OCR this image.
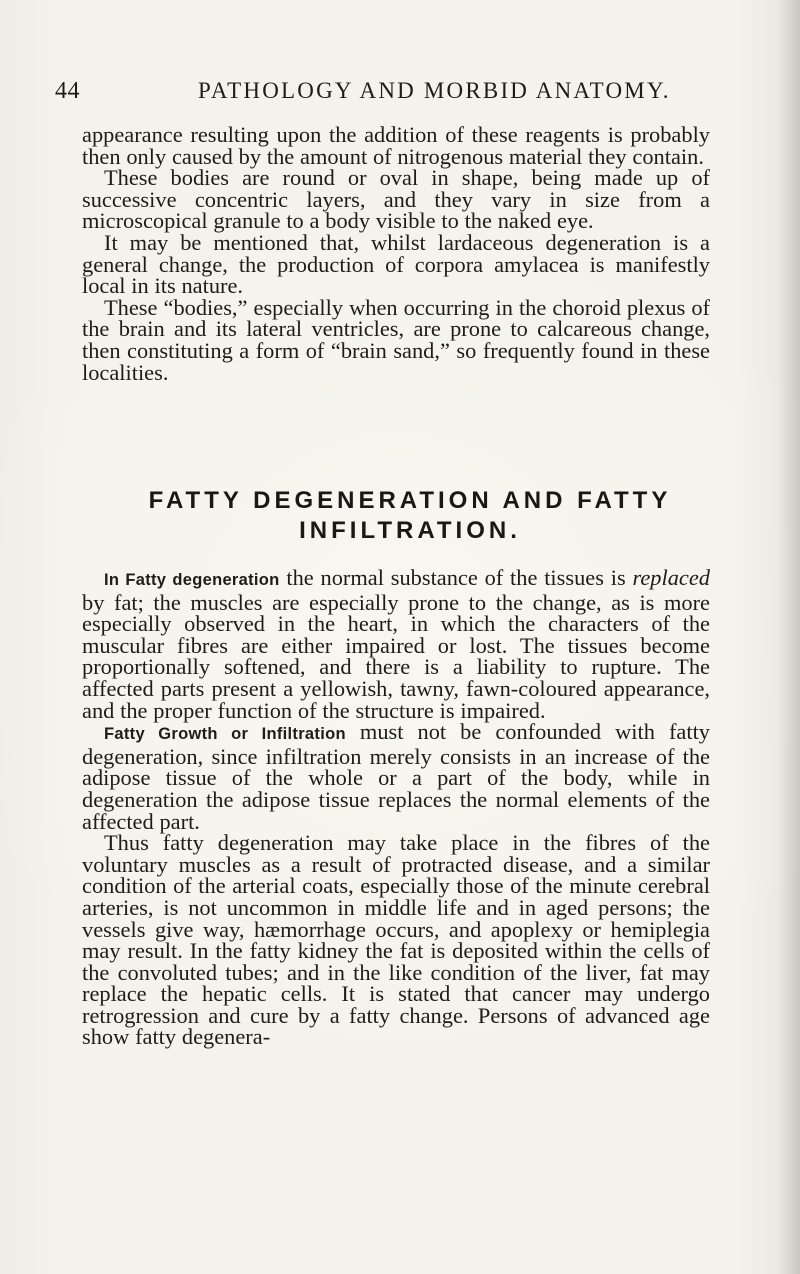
44	PATHOLOGY AND MORBID ANATOMY.

appearance resulting upon the addition of these reagents is probably then only caused by the amount of nitrogenous material they contain.

These bodies are round or oval in shape, being made up of successive concentric layers, and they vary in size from a microscopical granule to a body visible to the naked eye.

It may be mentioned that, whilst lardaceous degeneration is a general change, the production of corpora amylacea is manifestly local in its nature.

These “bodies,” especially when occurring in the choroid plexus of the brain and its lateral ventricles, are prone to calcareous change, then constituting a form of “brain sand,” so frequently found in these localities.

FATTY DEGENERATION AND FATTY
INFILTRATION.

In Fatty degeneration the normal substance of the tissues is replaced by fat; the muscles are especially prone to the change, as is more especially observed in the heart, in which the characters of the muscular fibres are either impaired or lost. The tissues become proportionally softened, and there is a liability to rupture. The affected parts present a yellowish, tawny, fawn-coloured appearance, and the proper function of the structure is impaired.

Fatty Growth or Infiltration must not be confounded with fatty degeneration, since infiltration merely consists in an increase of the adipose tissue of the whole or a part of the body, while in degeneration the adipose tissue replaces the normal elements of the affected part.

Thus fatty degeneration may take place in the fibres of the voluntary muscles as a result of protracted disease, and a similar condition of the arterial coats, especially those of the minute cerebral arteries, is not uncommon in middle life and in aged persons; the vessels give way, hæmorrhage occurs, and apoplexy or hemiplegia may result. In the fatty kidney the fat is deposited within the cells of the convoluted tubes; and in the like condition of the liver, fat may replace the hepatic cells. It is stated that cancer may undergo retrogression and cure by a fatty change. Persons of advanced age show fatty degenera-
